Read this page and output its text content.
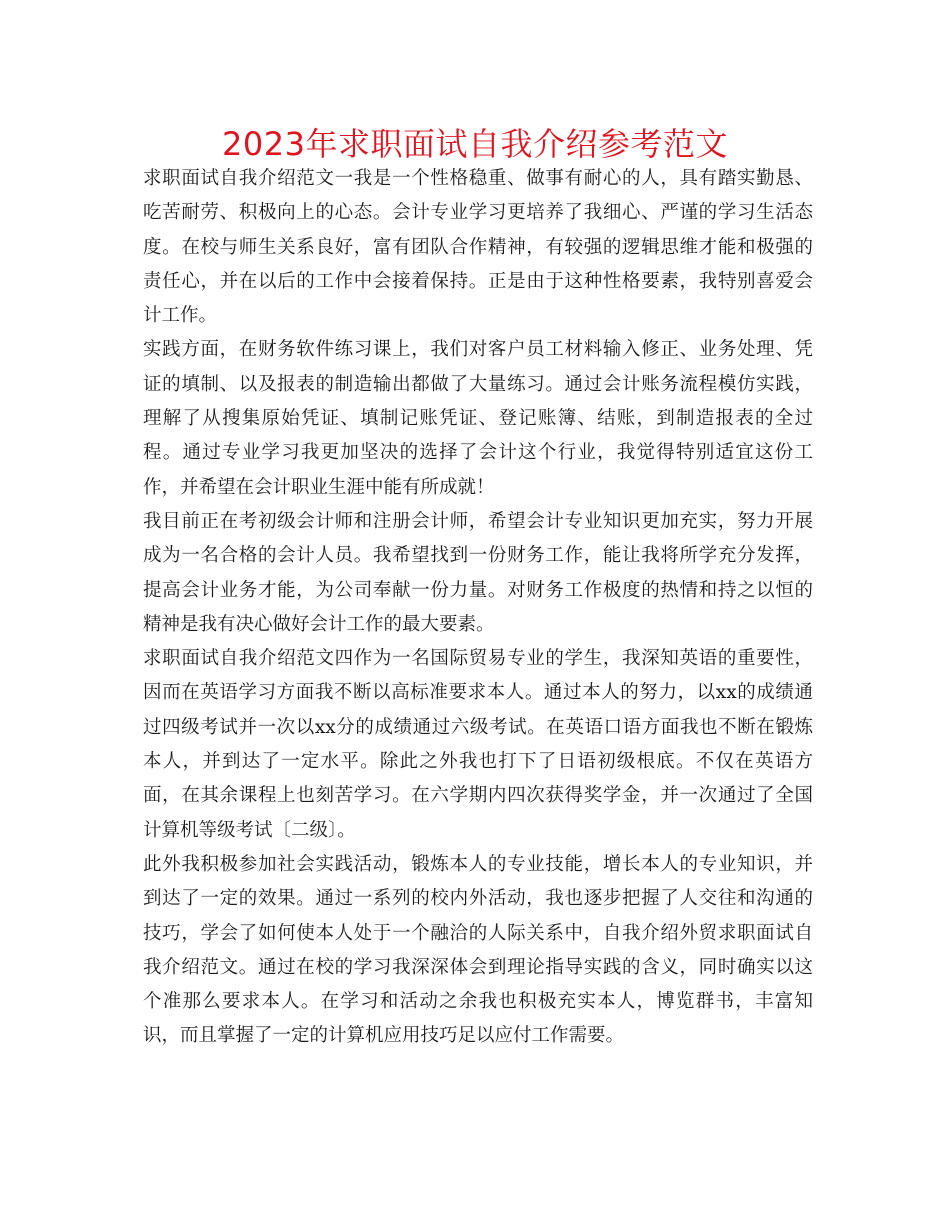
2023年求职面试自我介绍参考范文
求职面试自我介绍范文一我是一个性格稳重、做事有耐心的人，具有踏实勤恳、
吃苦耐劳、积极向上的心态。会计专业学习更培养了我细心、严谨的学习生活态
度。在校与师生关系良好，富有团队合作精神，有较强的逻辑思维才能和极强的
责任心，并在以后的工作中会接着保持。正是由于这种性格要素，我特别喜爱会
计工作。
实践方面，在财务软件练习课上，我们对客户员工材料输入修正、业务处理、凭
证的填制、以及报表的制造输出都做了大量练习。通过会计账务流程模仿实践，
理解了从搜集原始凭证、填制记账凭证、登记账簿、结账，到制造报表的全过
程。通过专业学习我更加坚决的选择了会计这个行业，我觉得特别适宜这份工
作，并希望在会计职业生涯中能有所成就！
我目前正在考初级会计师和注册会计师，希望会计专业知识更加充实，努力开展
成为一名合格的会计人员。我希望找到一份财务工作，能让我将所学充分发挥，
提高会计业务才能，为公司奉献一份力量。对财务工作极度的热情和持之以恒的
精神是我有决心做好会计工作的最大要素。
求职面试自我介绍范文四作为一名国际贸易专业的学生，我深知英语的重要性，
因而在英语学习方面我不断以高标准要求本人。通过本人的努力，以xx的成绩通
过四级考试并一次以xx分的成绩通过六级考试。在英语口语方面我也不断在锻炼
本人，并到达了一定水平。除此之外我也打下了日语初级根底。不仅在英语方
面，在其余课程上也刻苦学习。在六学期内四次获得奖学金，并一次通过了全国
计算机等级考试〔二级〕。
此外我积极参加社会实践活动，锻炼本人的专业技能，增长本人的专业知识，并
到达了一定的效果。通过一系列的校内外活动，我也逐步把握了人交往和沟通的
技巧，学会了如何使本人处于一个融洽的人际关系中，自我介绍外贸求职面试自
我介绍范文。通过在校的学习我深深体会到理论指导实践的含义，同时确实以这
个准那么要求本人。在学习和活动之余我也积极充实本人，博览群书，丰富知
识，而且掌握了一定的计算机应用技巧足以应付工作需要。
